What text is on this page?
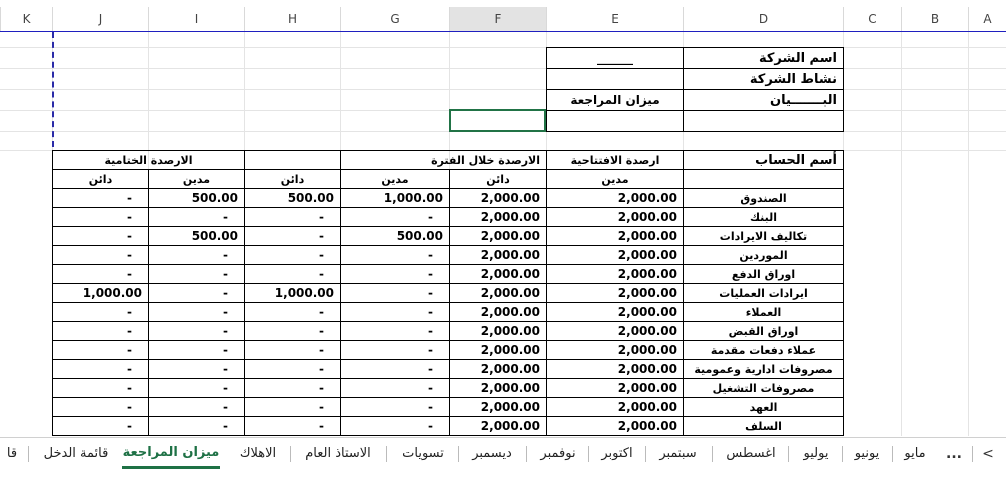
K	J	I	H	G	F	E	D	C	B	A
______	اسم الشركة
	نشاط الشركة
ميزان المراجعة	البـــــــيان

الارصدة الختامية			الارصدة خلال الفترة		ارصدة الافتتاحية	أسم الحساب
دائن	مدين	دائن	مدين	دائن	مدين	
-	500.00	500.00	1,000.00	2,000.00	2,000.00	الصندوق
-	-	-	-	2,000.00	2,000.00	البنك
-	500.00	-	500.00	2,000.00	2,000.00	تكاليف الايرادات
-	-	-	-	2,000.00	2,000.00	الموردين
-	-	-	-	2,000.00	2,000.00	اوراق الدفع
1,000.00	-	1,000.00	-	2,000.00	2,000.00	ايرادات العمليات
-	-	-	-	2,000.00	2,000.00	العملاء
-	-	-	-	2,000.00	2,000.00	اوراق القبض
-	-	-	-	2,000.00	2,000.00	عملاء دفعات مقدمة
-	-	-	-	2,000.00	2,000.00	مصروفات ادارية وعمومية
-	-	-	-	2,000.00	2,000.00	مصروفات التشغيل
-	-	-	-	2,000.00	2,000.00	العهد
-	-	-	-	2,000.00	2,000.00	السلف
<
...
مايو
يونيو
يوليو
اغسطس
سبتمبر
اكتوبر
نوفمبر
ديسمبر
تسويات
الاستاذ العام
الاهلاك
ميزان المراجعة
قائمة الدخل
قا
